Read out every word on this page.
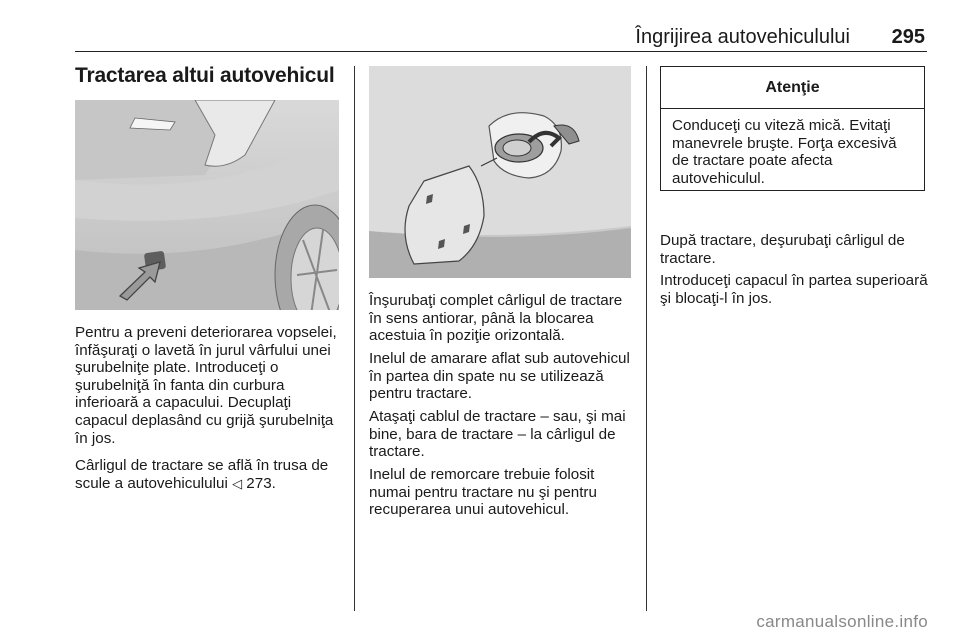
Îngrijirea autovehiculului 295
Tractarea altui autovehicul

Pentru a preveni deteriorarea vopselei, înfăşuraţi o lavetă în jurul vârfului unei şurubelniţe plate. Introduceţi o şurubelniţă în fanta din curbura inferioară a capacului. Decuplaţi capacul deplasând cu grijă şurubelniţa în jos.

Cârligul de tractare se află în trusa de scule a autovehiculului ◁ 273.

Înşurubaţi complet cârligul de tractare în sens antiorar, până la blocarea acestuia în poziţie orizontală.

Inelul de amarare aflat sub autovehicul în partea din spate nu se utilizează pentru tractare.

Ataşaţi cablul de tractare – sau, şi mai bine, bara de tractare – la cârligul de tractare.

Inelul de remorcare trebuie folosit numai pentru tractare nu şi pentru recuperarea unui autovehicul.

Atenţie
Conduceţi cu viteză mică. Evitaţi manevrele bruşte. Forţa excesivă de tractare poate afecta autovehiculul.

După tractare, deşurubaţi cârligul de tractare.

Introduceţi capacul în partea superioară şi blocaţi-l în jos.

carmanualsonline.info
